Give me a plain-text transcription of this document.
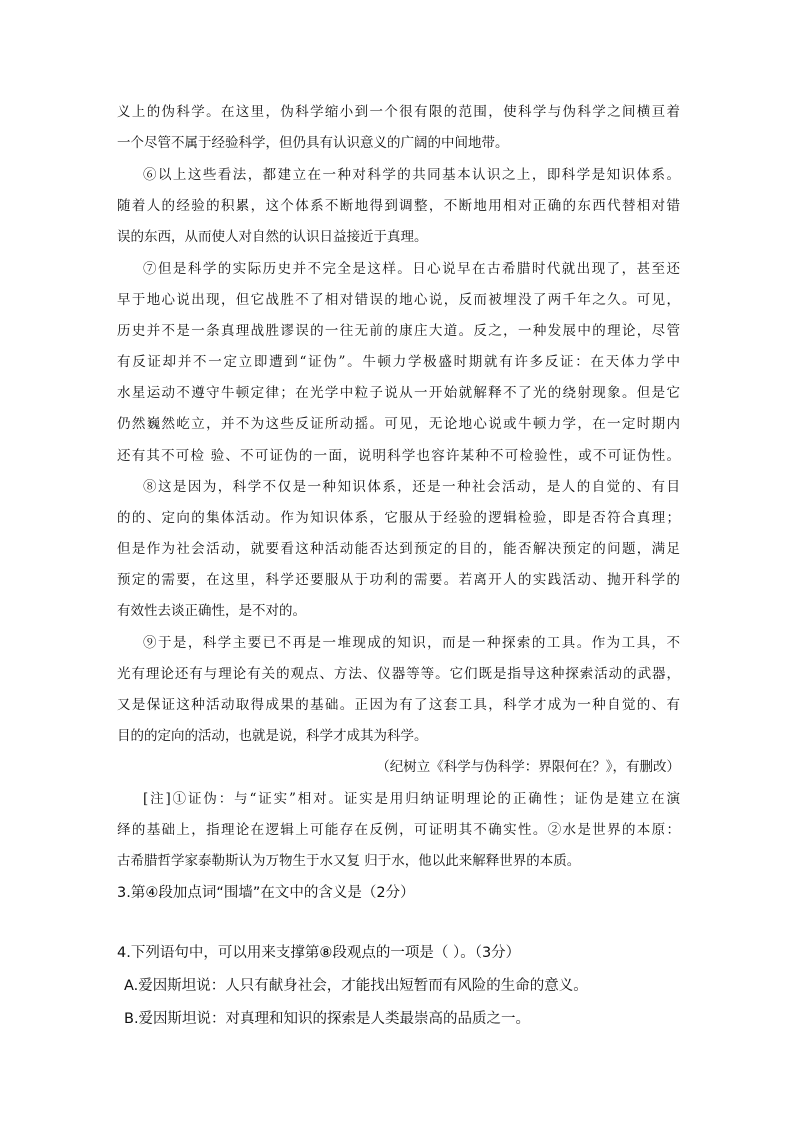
义上的伪科学。在这里，伪科学缩小到一个很有限的范围，使科学与伪科学之间横亘着
一个尽管不属于经验科学，但仍具有认识意义的广阔的中间地带。
⑥以上这些看法，都建立在一种对科学的共同基本认识之上，即科学是知识体系。
随着人的经验的积累，这个体系不断地得到调整，不断地用相对正确的东西代替相对错
误的东西，从而使人对自然的认识日益接近于真理。
⑦但是科学的实际历史并不完全是这样。日心说早在古希腊时代就出现了，甚至还
早于地心说出现，但它战胜不了相对错误的地心说，反而被埋没了两千年之久。可见，
历史并不是一条真理战胜谬误的一往无前的康庄大道。反之，一种发展中的理论，尽管
有反证却并不一定立即遭到“证伪”。牛顿力学极盛时期就有许多反证：在天体力学中
水星运动不遵守牛顿定律；在光学中粒子说从一开始就解释不了光的绕射现象。但是它
仍然巍然屹立，并不为这些反证所动摇。可见，无论地心说或牛顿力学，在一定时期内
还有其不可检 验、不可证伪的一面，说明科学也容许某种不可检验性，或不可证伪性。
⑧这是因为，科学不仅是一种知识体系，还是一种社会活动，是人的自觉的、有目
的的、定向的集体活动。作为知识体系，它服从于经验的逻辑检验，即是否符合真理；
但是作为社会活动，就要看这种活动能否达到预定的目的，能否解决预定的问题，满足
预定的需要，在这里，科学还要服从于功利的需要。若离开人的实践活动、抛开科学的
有效性去谈正确性，是不对的。
⑨于是，科学主要已不再是一堆现成的知识，而是一种探索的工具。作为工具，不
光有理论还有与理论有关的观点、方法、仪器等等。它们既是指导这种探索活动的武器，
又是保证这种活动取得成果的基础。正因为有了这套工具，科学才成为一种自觉的、有
目的的定向的活动，也就是说，科学才成其为科学。
（纪树立《科学与伪科学：界限何在？》，有删改）
[注]①证伪：与“证实”相对。证实是用归纳证明理论的正确性；证伪是建立在演
绎的基础上，指理论在逻辑上可能存在反例，可证明其不确实性。②水是世界的本原：
古希腊哲学家泰勒斯认为万物生于水又复 归于水，他以此来解释世界的本质。
3.第④段加点词“围墙”在文中的含义是（2分）
4.下列语句中，可以用来支撑第⑧段观点的一项是（ ）。（3分）
A.爱因斯坦说：人只有献身社会，才能找出短暂而有风险的生命的意义。
B.爱因斯坦说：对真理和知识的探索是人类最崇高的品质之一。
